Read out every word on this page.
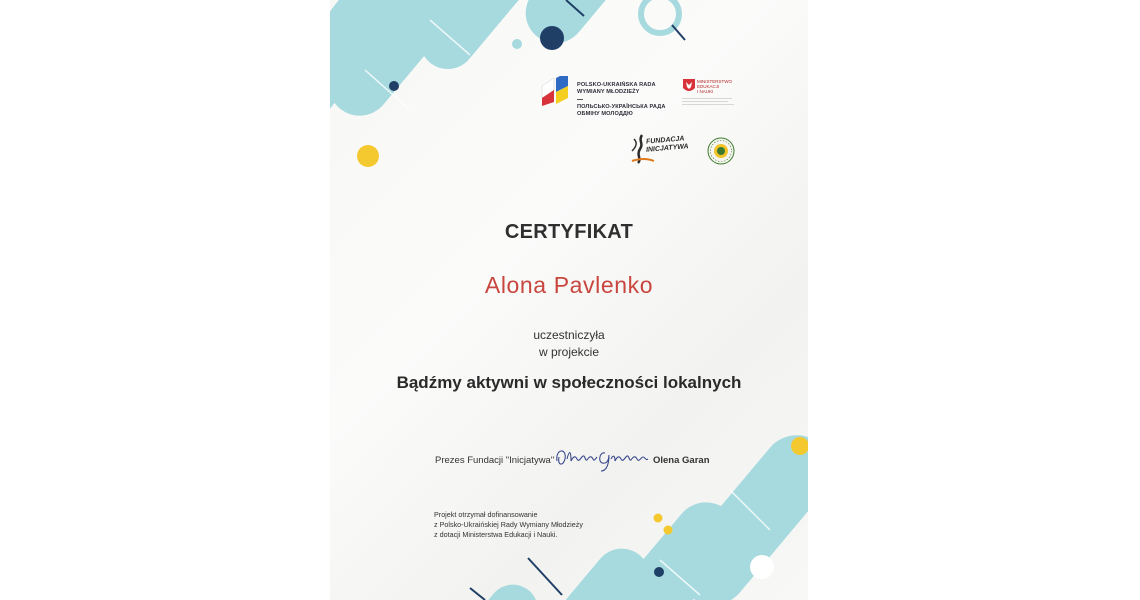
POLSKO-UKRAIŃSKA RADA
WYMIANY MŁODZIEŻY
ПОЛЬСЬКО-УКРАЇНСЬКА РАДА
ОБМІНУ МОЛОДДЮ
MINISTERSTWO
EDUKACJI
I NAUKI
FUNDACJA
INICJATYWA
CERTYFIKAT
Alona Pavlenko
uczestniczyła
w projekcie
Bądźmy aktywni w społeczności lokalnych
Prezes Fundacji "Inicjatywa"	Olena Garan
Projekt otrzymał dofinansowanie
z Polsko-Ukraińskiej Rady Wymiany Młodzieży
z dotacji Ministerstwa Edukacji i Nauki.
